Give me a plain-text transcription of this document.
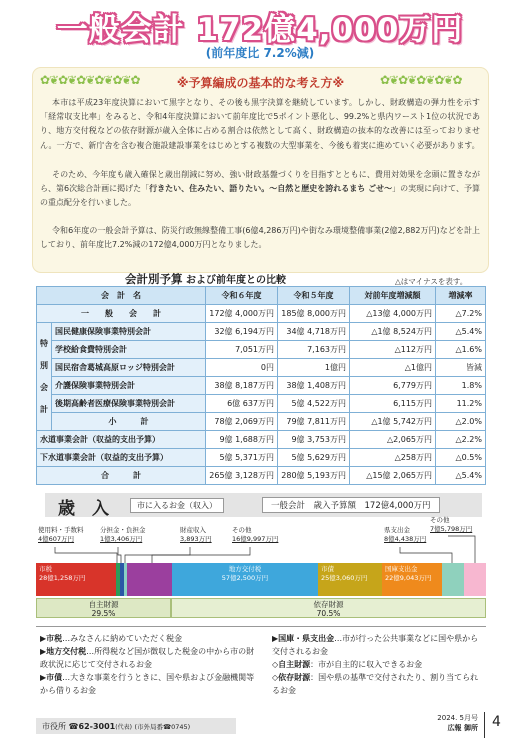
一般会計 172億4,000万円
(前年度比 7.2%減)
✿❦✿❦✿❦✿❦✿❦✿	✿❦✿❦✿❦✿❦✿
※予算編成の基本的な考え方※
本市は平成23年度決算において黒字となり、その後も黒字決算を継続しています。しかし、財政構造の弾力性を示す「経常収支比率」をみると、令和4年度決算において前年度比で5ポイント悪化し、99.2%と県内ワースト1位の状況であり、地方交付税などの依存財源が歳入全体に占める割合は依然として高く、財政構造の抜本的な改善には至っておりません。一方で、新庁舎を含む複合施設建設事業をはじめとする複数の大型事業を、今後も着実に進めていく必要があります。
そのため、今年度も歳入確保と歳出削減に努め、強い財政基盤づくりを目指すとともに、費用対効果を念頭に置きながら、第6次総合計画に掲げた「行きたい、住みたい、語りたい。〜自然と歴史を誇れるまち ごせ〜」の実現に向けて、予算の重点配分を行いました。
令和6年度の一般会計予算は、防災行政無線整備工事(6億4,286万円)や街なみ環境整備事業(2億2,882万円)などを計上しており、前年度比7.2%減の172億4,000万円となりました。
会計別予算 および前年度との比較	△はマイナスを表す。
会　計　名		令和６年度	令和５年度	対前年度増減額	増減率
一　　般　　会　　計		172億 4,000万円	185億 8,000万円	△13億 4,000万円	△7.2%
特別会計	国民健康保険事業特別会計	32億 6,194万円	34億 4,718万円	△1億 8,524万円	△5.4%
	学校給食費特別会計	7,051万円	7,163万円	△112万円	△1.6%
	国民宿舎葛城高原ロッジ特別会計	0円	1億円	△1億円	皆減
	介護保険事業特別会計	38億 8,187万円	38億 1,408万円	6,779万円	1.8%
	後期高齢者医療保険事業特別会計	6億 637万円	5億 4,522万円	6,115万円	11.2%
	小　　　計	78億 2,069万円	79億 7,811万円	△1億 5,742万円	△2.0%
水道事業会計（収益的支出予算）		9億 1,688万円	9億 3,753万円	△2,065万円	△2.2%
下水道事業会計（収益的支出予算）		5億 5,371万円	5億 5,629万円	△258万円	△0.5%
合　　　計		265億 3,128万円	280億 5,193万円	△15億 2,065万円	△5.4%
歳　入	市に入るお金（収入）	一般会計　歳入予算額　172億4,000万円
使用料・手数料
4億607万円
分担金・負担金
1億3,406万円
財産収入
3,893万円
その他
16億9,997万円
県支出金
8億4,438万円
その他
7億5,798万円
市税
28億1,258万円
地方交付税
57億2,500万円
市債
25億3,060万円
国庫支出金
22億9,043万円
自主財源
29.5%
依存財源
70.5%
▶市税…みなさんに納めていただく税金
▶地方交付税…所得税など国が徴収した税金の中から市の財政状況に応じて交付されるお金
▶市債…大きな事業を行うときに、国や県および金融機関等から借りるお金
▶国庫・県支出金…市が行った公共事業などに国や県から交付されるお金
◇自主財源：市が自主的に収入できるお金
◇依存財源：国や県の基準で交付されたり、割り当てられるお金
市役所 ☎62-3001(代表) (市外局番☎0745)
2024. 5月号
広報 御所 4
